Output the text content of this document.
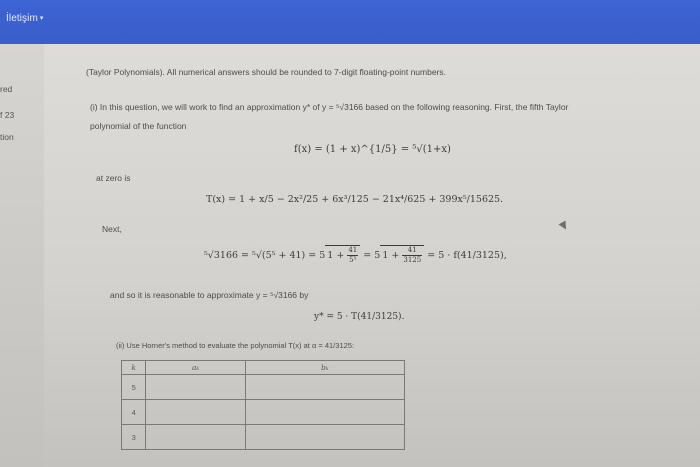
İletişim ▾
red
f 23
tion
(Taylor Polynomials). All numerical answers should be rounded to 7-digit floating-point numbers.
(i) In this question, we will work to find an approximation y* of y = ⁵√3166 based on the following reasoning. First, the fifth Taylor
polynomial of the function
f(x) = (1 + x)^{1/5} = ⁵√(1+x)
at zero is
T(x) = 1 + x/5 − 2x²/25 + 6x³/125 − 21x⁴/625 + 399x⁵/15625.
Next,
⁵√3166 = ⁵√(5⁵ + 41) = 5 $1 + \frac{41}{\text{5⁵}} = 5$ $1 + \frac{41}{3125} = 5 \cdot f(41/3125)$,
and so it is reasonable to approximate y = ⁵√3166 by
y* = 5 · T(41/3125).
(ii) Use Horner's method to evaluate the polynomial T(x) at α = 41/3125:
k	aₖ	bₖ
5		
4		
3		
